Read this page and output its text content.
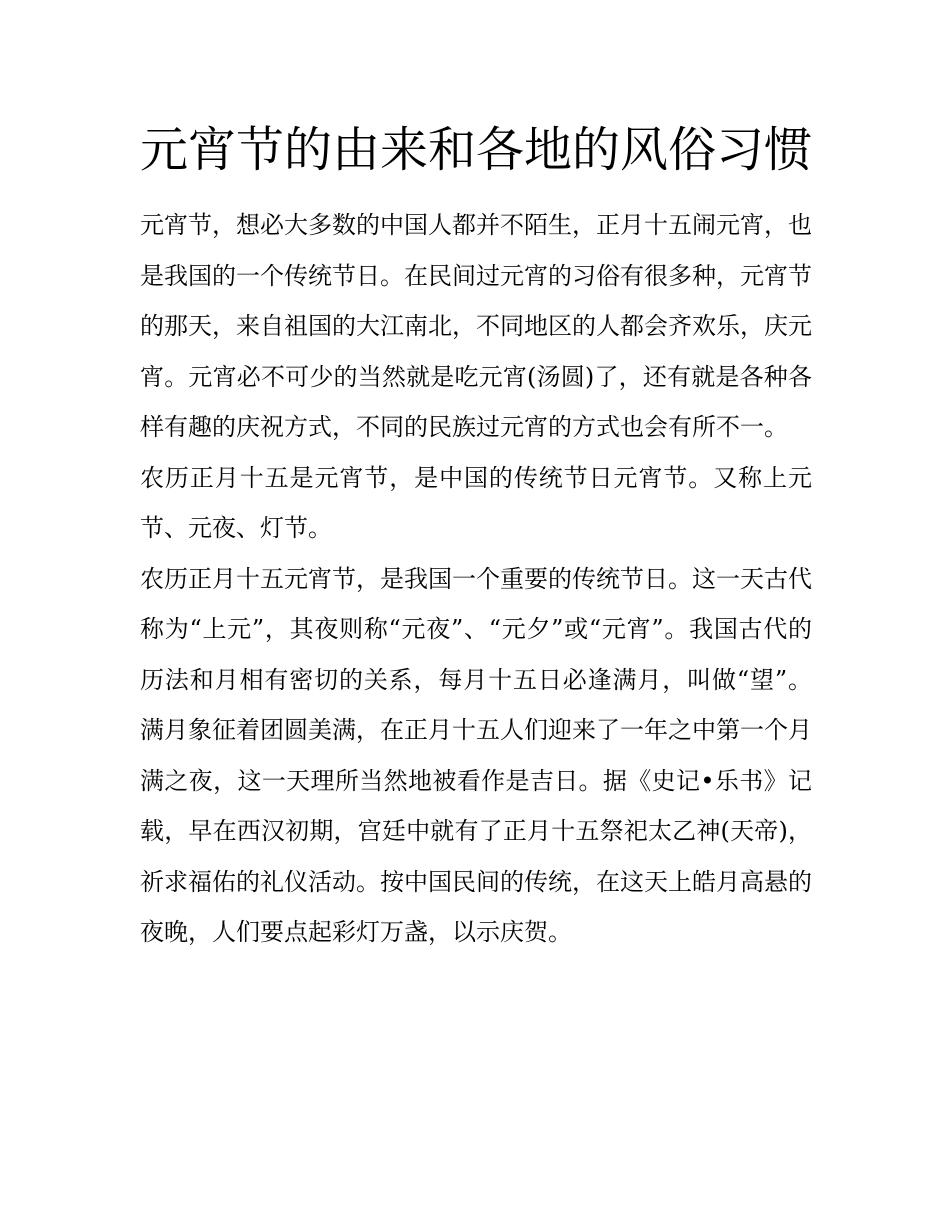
元宵节的由来和各地的风俗习惯

元宵节，想必大多数的中国人都并不陌生，正月十五闹元宵，也是我国的一个传统节日。在民间过元宵的习俗有很多种，元宵节的那天，来自祖国的大江南北，不同地区的人都会齐欢乐，庆元宵。元宵必不可少的当然就是吃元宵(汤圆)了，还有就是各种各样有趣的庆祝方式，不同的民族过元宵的方式也会有所不一。

农历正月十五是元宵节，是中国的传统节日元宵节。又称上元节、元夜、灯节。

农历正月十五元宵节，是我国一个重要的传统节日。这一天古代称为“上元”，其夜则称“元夜”、“元夕”或“元宵”。我国古代的历法和月相有密切的关系，每月十五日必逢满月，叫做“望”。满月象征着团圆美满，在正月十五人们迎来了一年之中第一个月满之夜，这一天理所当然地被看作是吉日。据《史记•乐书》记载，早在西汉初期，宫廷中就有了正月十五祭祀太乙神(天帝)，祈求福佑的礼仪活动。按中国民间的传统，在这天上皓月高悬的夜晚，人们要点起彩灯万盏，以示庆贺。
